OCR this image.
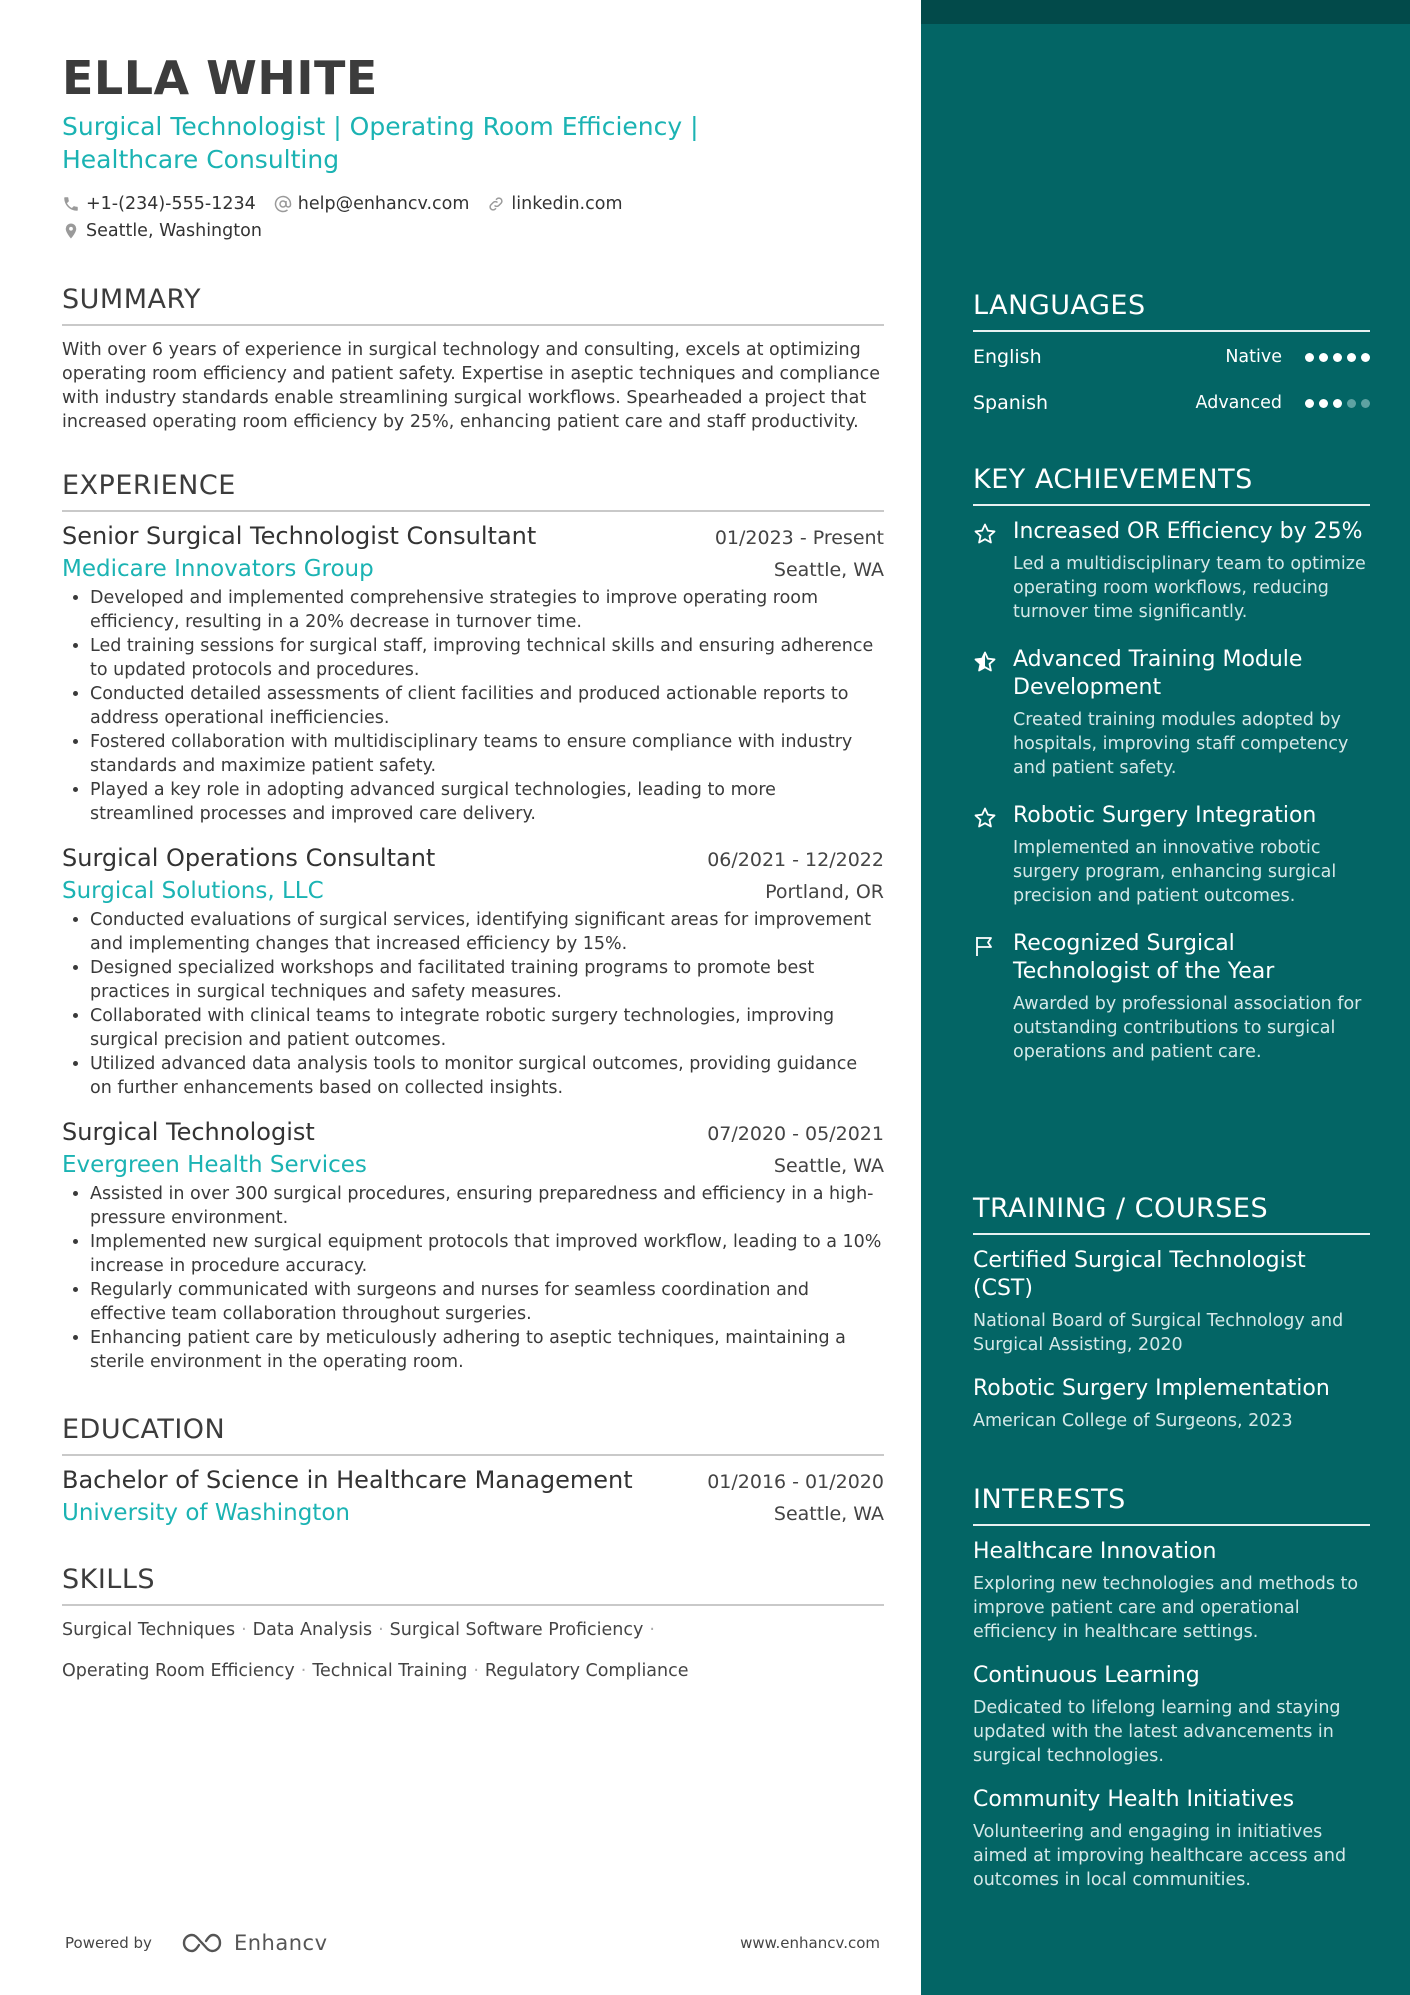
ELLA WHITE
Surgical Technologist | Operating Room Efficiency |
Healthcare Consulting
+1-(234)-555-1234 help@enhancv.com linkedin.com
Seattle, Washington
SUMMARY
With over 6 years of experience in surgical technology and consulting, excels at optimizing operating room efficiency and patient safety. Expertise in aseptic techniques and compliance with industry standards enable streamlining surgical workflows. Spearheaded a project that increased operating room efficiency by 25%, enhancing patient care and staff productivity.
EXPERIENCE
Senior Surgical Technologist Consultant	01/2023 - Present
Medicare Innovators Group	Seattle, WA
• Developed and implemented comprehensive strategies to improve operating room efficiency, resulting in a 20% decrease in turnover time.
• Led training sessions for surgical staff, improving technical skills and ensuring adherence to updated protocols and procedures.
• Conducted detailed assessments of client facilities and produced actionable reports to address operational inefficiencies.
• Fostered collaboration with multidisciplinary teams to ensure compliance with industry standards and maximize patient safety.
• Played a key role in adopting advanced surgical technologies, leading to more streamlined processes and improved care delivery.
Surgical Operations Consultant	06/2021 - 12/2022
Surgical Solutions, LLC	Portland, OR
• Conducted evaluations of surgical services, identifying significant areas for improvement and implementing changes that increased efficiency by 15%.
• Designed specialized workshops and facilitated training programs to promote best practices in surgical techniques and safety measures.
• Collaborated with clinical teams to integrate robotic surgery technologies, improving surgical precision and patient outcomes.
• Utilized advanced data analysis tools to monitor surgical outcomes, providing guidance on further enhancements based on collected insights.
Surgical Technologist	07/2020 - 05/2021
Evergreen Health Services	Seattle, WA
• Assisted in over 300 surgical procedures, ensuring preparedness and efficiency in a high-pressure environment.
• Implemented new surgical equipment protocols that improved workflow, leading to a 10% increase in procedure accuracy.
• Regularly communicated with surgeons and nurses for seamless coordination and effective team collaboration throughout surgeries.
• Enhancing patient care by meticulously adhering to aseptic techniques, maintaining a sterile environment in the operating room.
EDUCATION
Bachelor of Science in Healthcare Management	01/2016 - 01/2020
University of Washington	Seattle, WA
SKILLS
Surgical Techniques · Data Analysis · Surgical Software Proficiency ·
Operating Room Efficiency · Technical Training · Regulatory Compliance
Powered by	Enhancv	www.enhancv.com
LANGUAGES
English	Native
Spanish	Advanced
KEY ACHIEVEMENTS
Increased OR Efficiency by 25%
Led a multidisciplinary team to optimize operating room workflows, reducing turnover time significantly.
Advanced Training Module Development
Created training modules adopted by hospitals, improving staff competency and patient safety.
Robotic Surgery Integration
Implemented an innovative robotic surgery program, enhancing surgical precision and patient outcomes.
Recognized Surgical Technologist of the Year
Awarded by professional association for outstanding contributions to surgical operations and patient care.
TRAINING / COURSES
Certified Surgical Technologist (CST)
National Board of Surgical Technology and Surgical Assisting, 2020
Robotic Surgery Implementation
American College of Surgeons, 2023
INTERESTS
Healthcare Innovation
Exploring new technologies and methods to improve patient care and operational efficiency in healthcare settings.
Continuous Learning
Dedicated to lifelong learning and staying updated with the latest advancements in surgical technologies.
Community Health Initiatives
Volunteering and engaging in initiatives aimed at improving healthcare access and outcomes in local communities.
